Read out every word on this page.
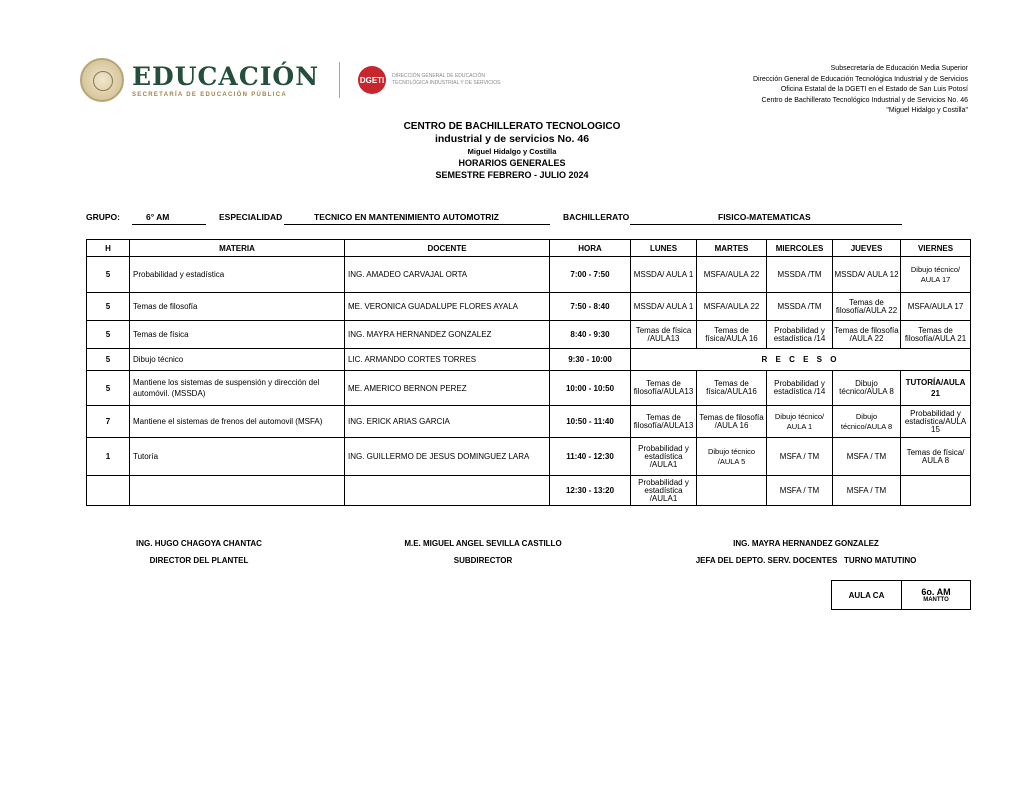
EDUCACIÓN
SECRETARÍA DE EDUCACIÓN PÚBLICA
DGETI	DIRECCIÓN GENERAL DE EDUCACIÓN TECNOLÓGICA INDUSTRIAL Y DE SERVICIOS
Subsecretaría de Educación Media Superior
Dirección General de Educación Tecnológica Industrial y de Servicios
Oficina Estatal de la DGETI en el Estado de San Luis Potosí
Centro de Bachillerato Tecnológico Industrial y de Servicios No. 46
"Miguel Hidalgo y Costilla"
CENTRO DE BACHILLERATO TECNOLOGICO
industrial y de servicios No. 46
Miguel Hidalgo y Costilla
HORARIOS GENERALES
SEMESTRE FEBRERO - JULIO 2024
GRUPO:	6° AM	ESPECIALIDAD	TECNICO EN MANTENIMIENTO AUTOMOTRIZ	BACHILLERATO	FISICO-MATEMATICAS
H	MATERIA	DOCENTE	HORA	LUNES	MARTES	MIERCOLES	JUEVES	VIERNES
5	Probabilidad y estadística	ING. AMADEO CARVAJAL ORTA	7:00 - 7:50	MSSDA/ AULA 1	MSFA/AULA 22	MSSDA /TM	MSSDA/ AULA 12	Dibujo técnico/ AULA 17
5	Temas de filosofía	ME. VERONICA GUADALUPE FLORES AYALA	7:50 - 8:40	MSSDA/ AULA 1	MSFA/AULA 22	MSSDA /TM	Temas de filosofía/AULA 22	MSFA/AULA 17
5	Temas de física	ING. MAYRA HERNANDEZ GONZALEZ	8:40 - 9:30	Temas de física /AULA13	Temas de física/AULA 16	Probabilidad y estadística /14	Temas de filosofía /AULA 22	Temas de filosofía/AULA 21
5	Dibujo técnico	LIC. ARMANDO CORTES TORRES	9:30 - 10:00	R E C E S O				
5	Mantiene los sistemas de suspensión y dirección del automóvil. (MSSDA)	ME. AMERICO BERNON PEREZ	10:00 - 10:50	Temas de filosofía/AULA13	Temas de física/AULA16	Probabilidad y estadística /14	Dibujo técnico/AULA 8	TUTORÍA/AULA 21
7	Mantiene el sistemas de frenos del automovil (MSFA)	ING. ERICK ARIAS GARCIA	10:50 - 11:40	Temas de filosofía/AULA13	Temas de filosofía /AULA 16	Dibujo técnico/ AULA 1	Dibujo técnico/AULA 8	Probabilidad y estadística/AULA 15
1	Tutoría	ING. GUILLERMO DE JESUS DOMINGUEZ LARA	11:40 - 12:30	Probabilidad y estadística /AULA1	Dibujo técnico /AULA 5	MSFA / TM	MSFA / TM	Temas de física/ AULA 8
			12:30 - 13:20	Probabilidad y estadística /AULA1		MSFA / TM	MSFA / TM	
ING. HUGO CHAGOYA CHANTAC
DIRECTOR DEL PLANTEL
M.E. MIGUEL ANGEL SEVILLA CASTILLO
SUBDIRECTOR
ING. MAYRA HERNANDEZ GONZALEZ
JEFA DEL DEPTO. SERV. DOCENTES   TURNO MATUTINO
AULA CA	6o. AM
MANTTO
